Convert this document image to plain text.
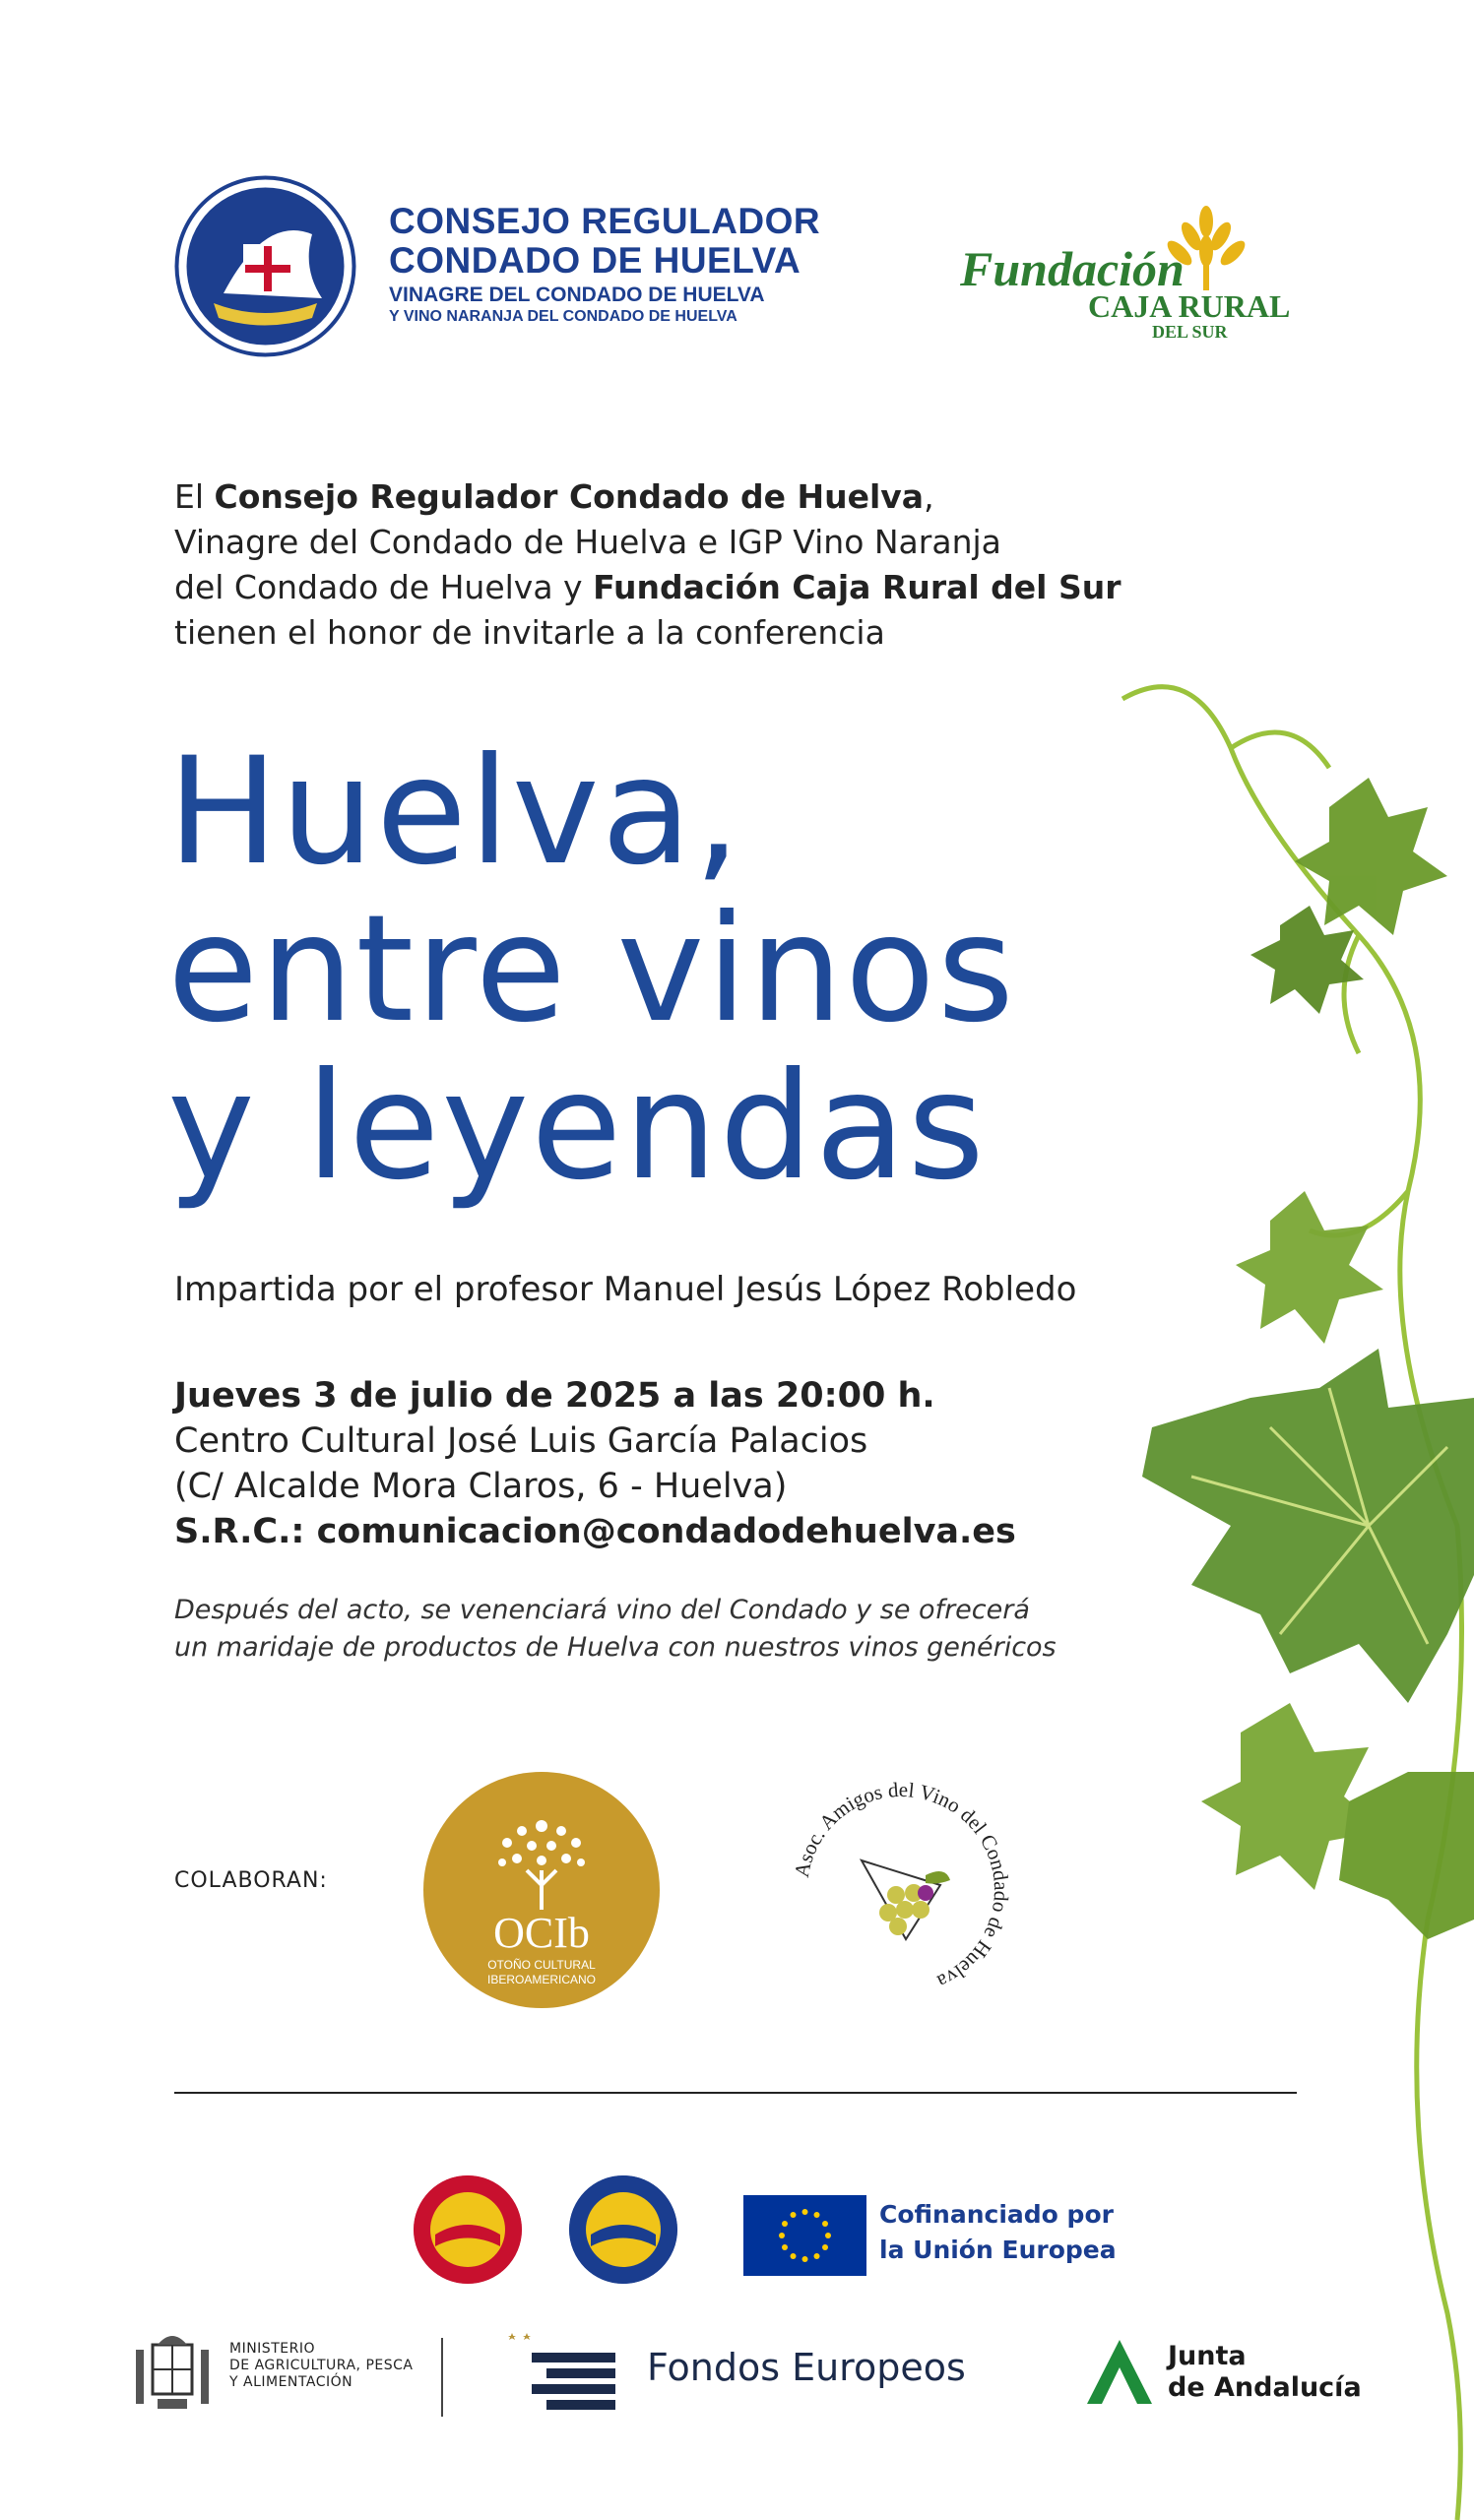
CONSEJO REGULADOR
CONDADO DE HUELVA
VINAGRE DEL CONDADO DE HUELVA
Y VINO NARANJA DEL CONDADO DE HUELVA
Fundación
CAJA RURAL
DEL SUR
El Consejo Regulador Condado de Huelva,
Vinagre del Condado de Huelva e IGP Vino Naranja
del Condado de Huelva y Fundación Caja Rural del Sur
tienen el honor de invitarle a la conferencia
Huelva,
entre vinos
y leyendas
Impartida por el profesor Manuel Jesús López Robledo
Jueves 3 de julio de 2025 a las 20:00 h.
Centro Cultural José Luis García Palacios
(C/ Alcalde Mora Claros, 6 - Huelva)
S.R.C.: comunicacion@condadodehuelva.es
Después del acto, se venenciará vino del Condado y se ofrecerá
un maridaje de productos de Huelva con nuestros vinos genéricos
COLABORAN:
OCIb
OTOÑO CULTURAL
IBEROAMERICANO
Asoc. Amigos del Vino del Condado de Huelva
Cofinanciado por
la Unión Europea
MINISTERIO
DE AGRICULTURA, PESCA
Y ALIMENTACIÓN	Fondos Europeos	Junta
de Andalucía
